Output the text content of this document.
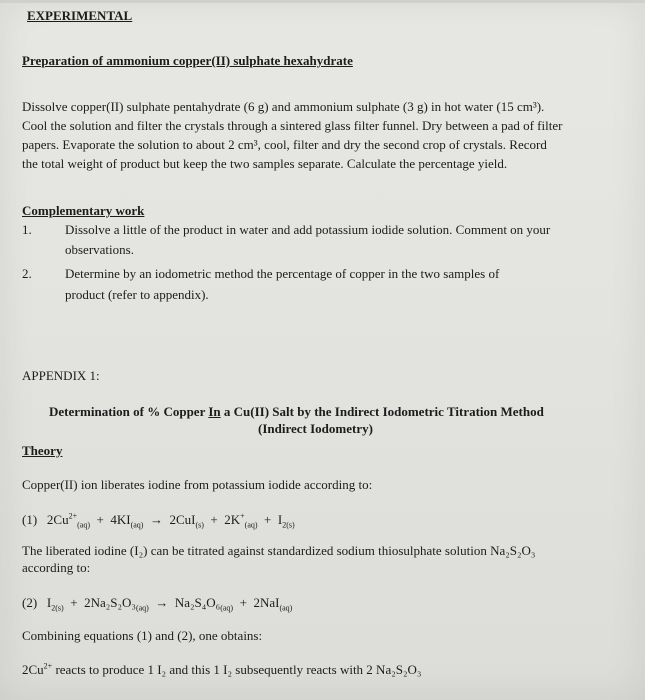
EXPERIMENTAL
Preparation of ammonium copper(II) sulphate hexahydrate
Dissolve copper(II) sulphate pentahydrate (6 g) and ammonium sulphate (3 g) in hot water (15 cm³).
Cool the solution and filter the crystals through a sintered glass filter funnel. Dry between a pad of filter
papers. Evaporate the solution to about 2 cm³, cool, filter and dry the second crop of crystals. Record
the total weight of product but keep the two samples separate. Calculate the percentage yield.
Complementary work
1.	Dissolve a little of the product in water and add potassium iodide solution. Comment on your
observations.
2.	Determine by an iodometric method the percentage of copper in the two samples of
product (refer to appendix).
APPENDIX 1:
Determination of % Copper In a Cu(II) Salt by the Indirect Iodometric Titration Method
(Indirect Iodometry)
Theory
Copper(II) ion liberates iodine from potassium iodide according to:
(1) $2Cu^{2+}_{(aq)} + 4KI_{(aq)} \to 2CuI_{(s)} + 2K^+_{(aq)} + I_{2(s)}$
The liberated iodine (I₂) can be titrated against standardized sodium thiosulphate solution Na₂S₂O₃
according to:
(2) $I_{2(s)} + 2Na_2S_2O_3_{(aq)} \to Na_2S_4O_6_{(aq)} + 2NaI_{(aq)}$
Combining equations (1) and (2), one obtains:
$2Cu^{2+}$ reacts to produce 1 I₂ and this 1 I₂ subsequently reacts with 2 Na₂S₂O₃
